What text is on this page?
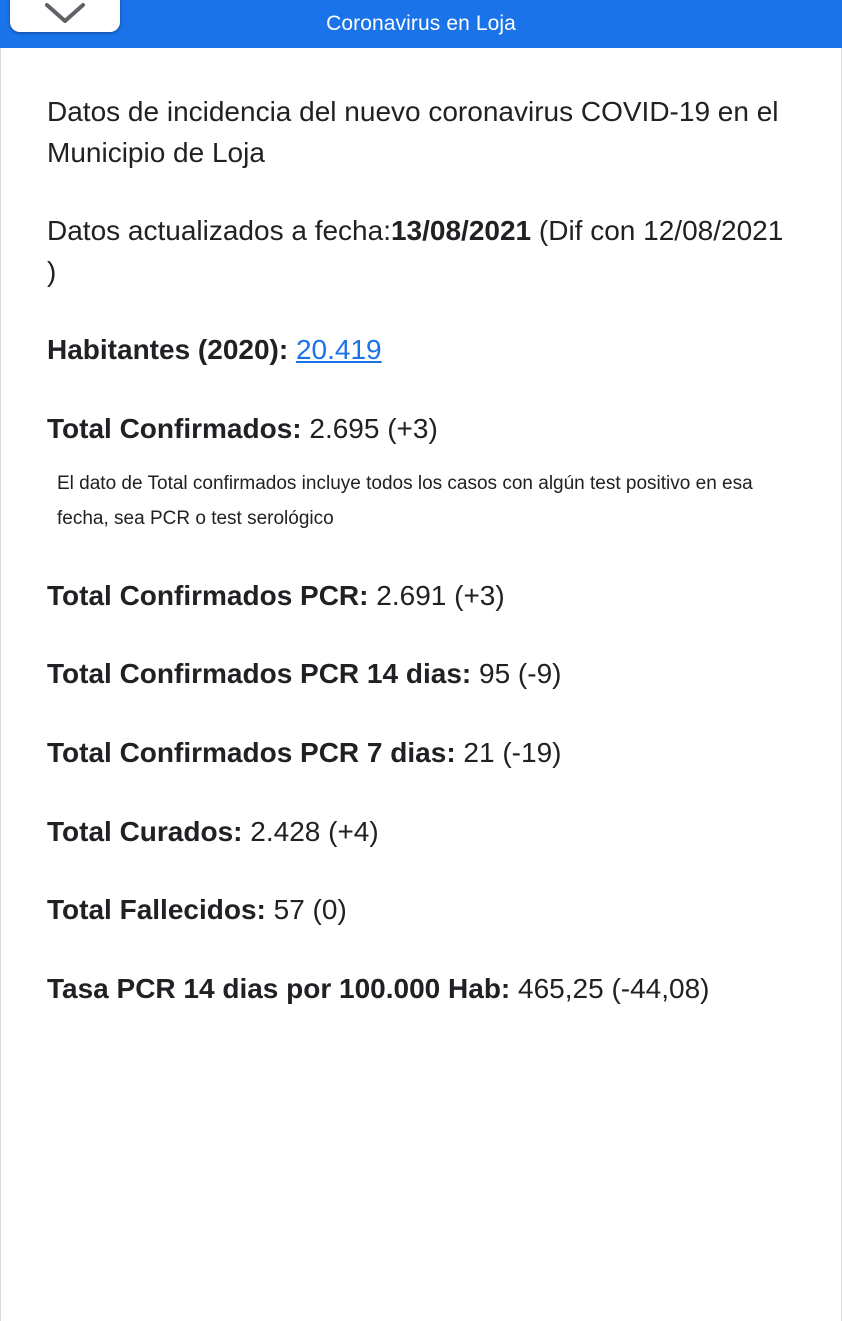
Coronavirus en Loja

Datos de incidencia del nuevo coronavirus COVID-19 en el Municipio de Loja

Datos actualizados a fecha:13/08/2021 (Dif con 12/08/2021 )

Habitantes (2020): 20.419

Total Confirmados: 2.695 (+3)

El dato de Total confirmados incluye todos los casos con algún test positivo en esa fecha, sea PCR o test serológico

Total Confirmados PCR: 2.691 (+3)

Total Confirmados PCR 14 dias: 95 (-9)

Total Confirmados PCR 7 dias: 21 (-19)

Total Curados: 2.428 (+4)

Total Fallecidos: 57 (0)

Tasa PCR 14 dias por 100.000 Hab: 465,25 (-44,08)
